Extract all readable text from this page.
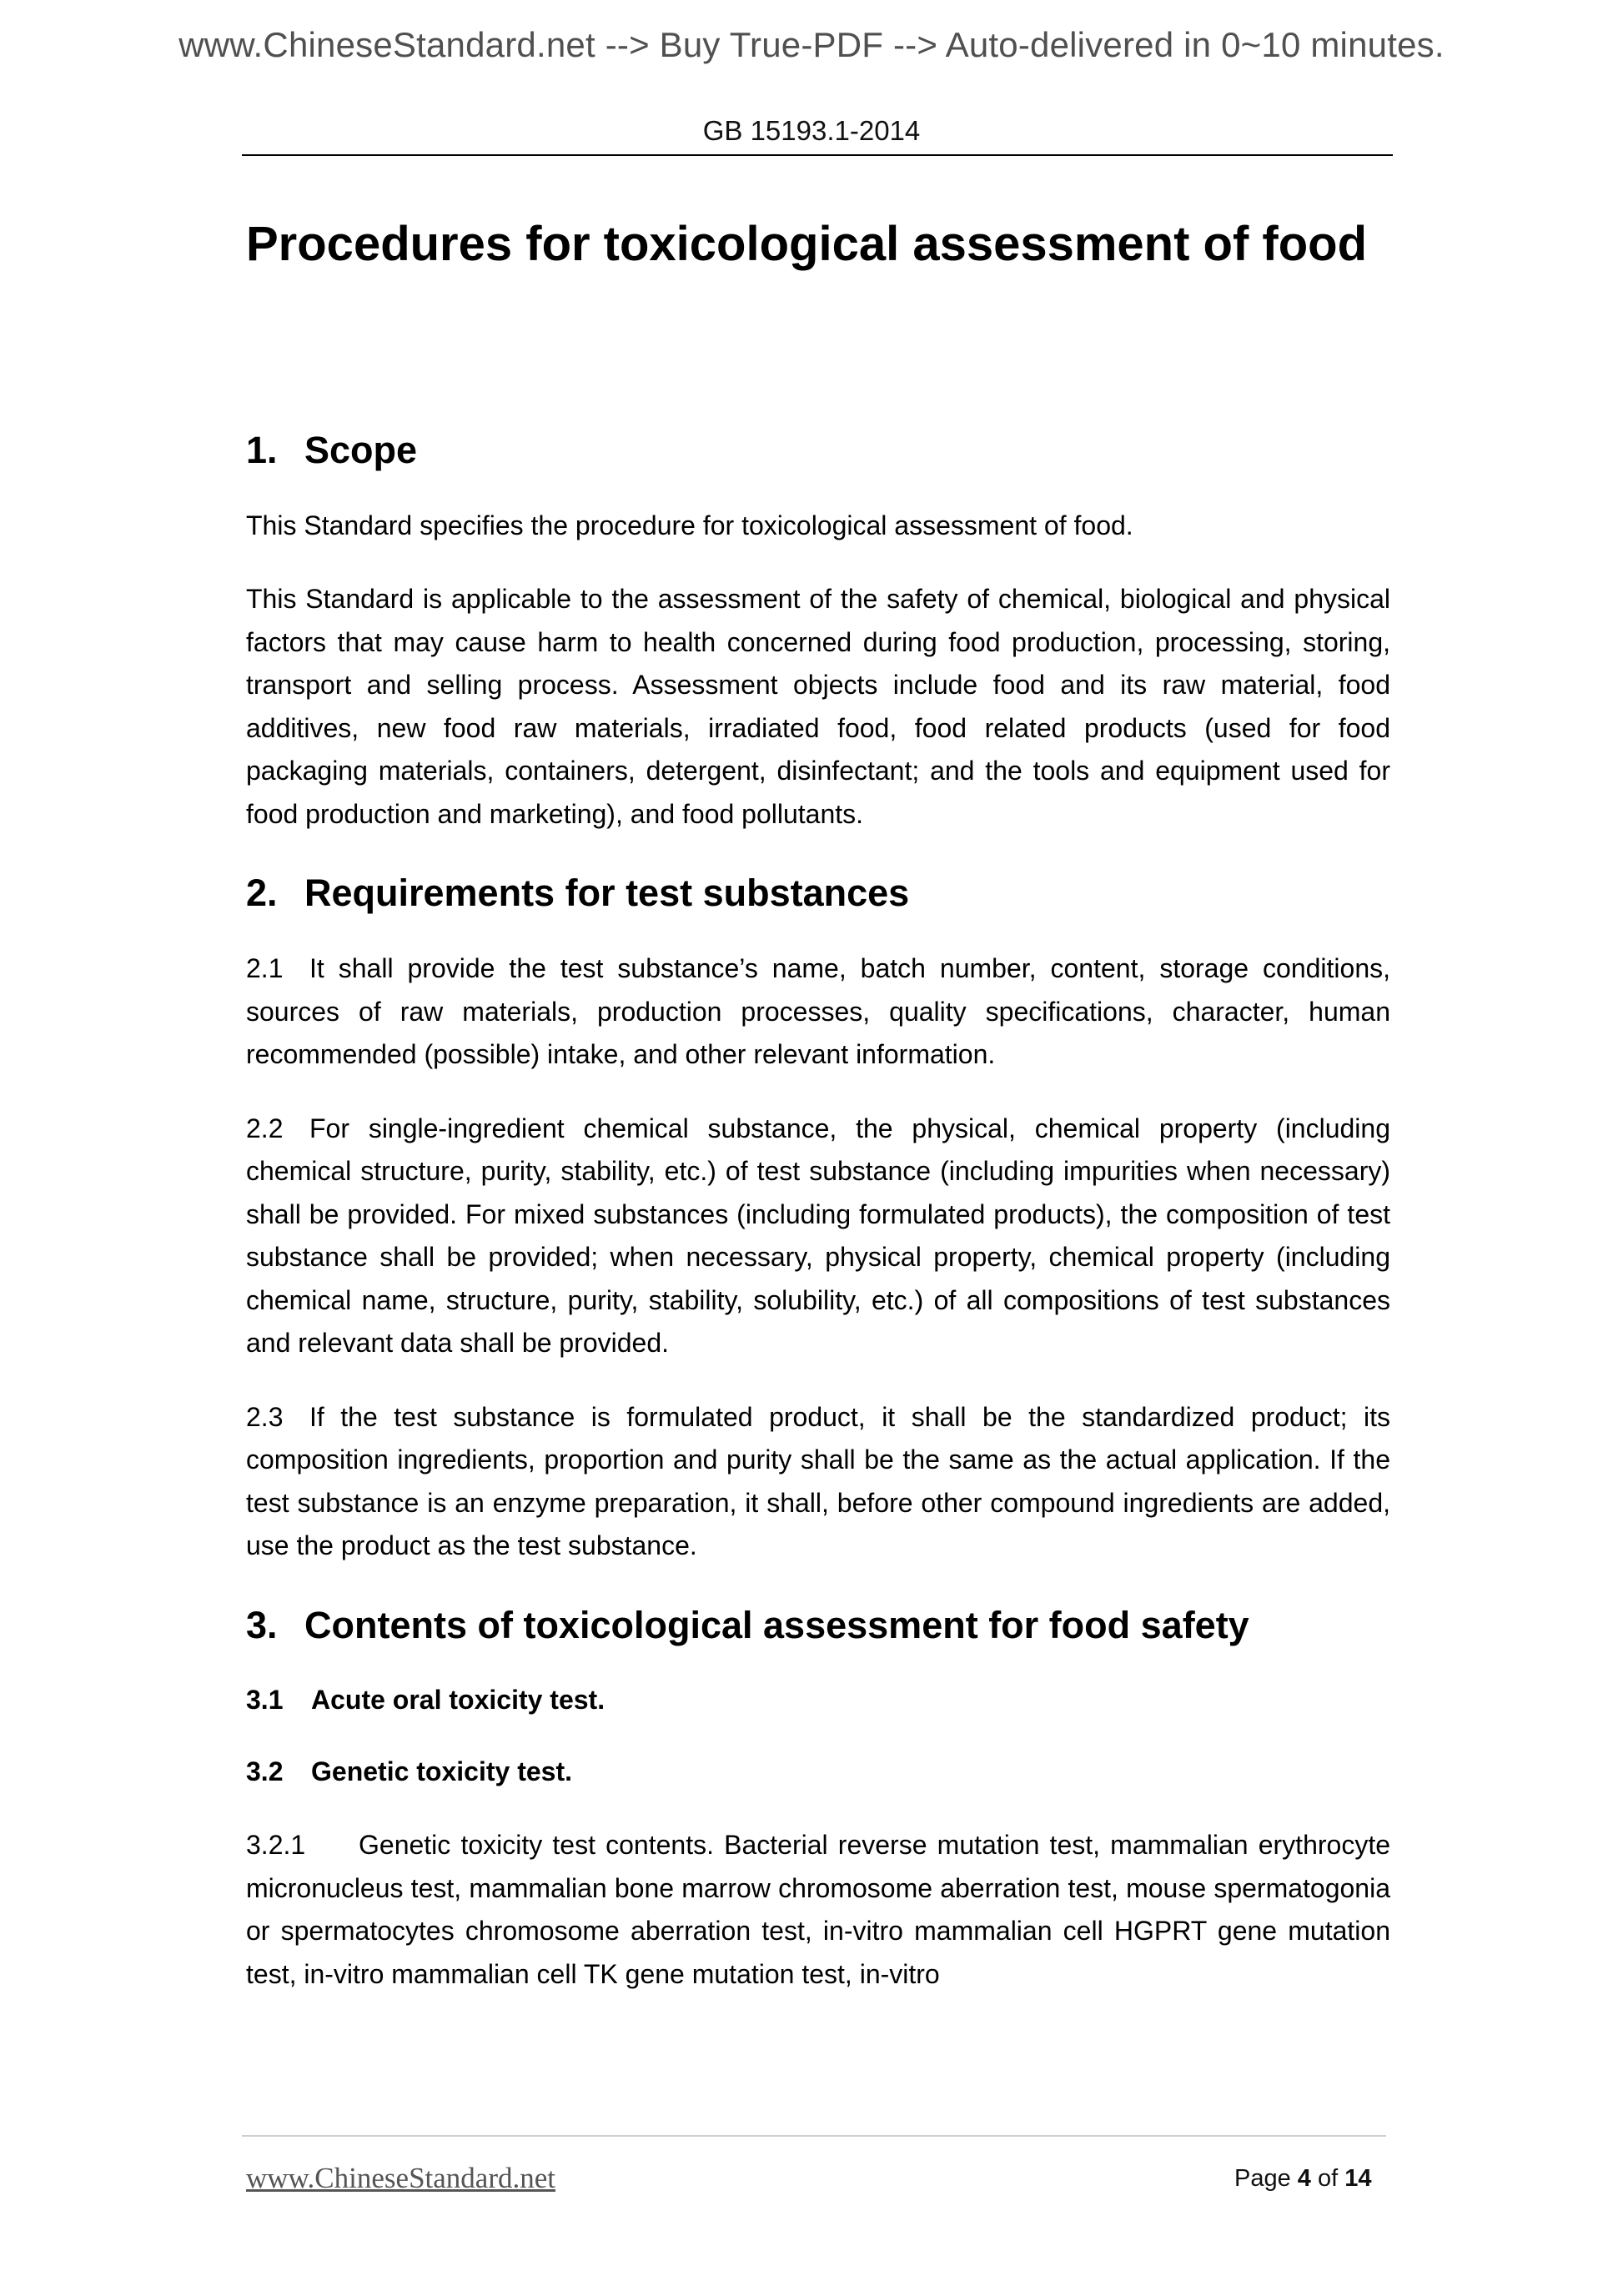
www.ChineseStandard.net --> Buy True-PDF --> Auto-delivered in 0~10 minutes.
GB 15193.1-2014
Procedures for toxicological assessment of food
1. Scope

This Standard specifies the procedure for toxicological assessment of food.

This Standard is applicable to the assessment of the safety of chemical, biological and physical factors that may cause harm to health concerned during food production, processing, storing, transport and selling process. Assessment objects include food and its raw material, food additives, new food raw materials, irradiated food, food related products (used for food packaging materials, containers, detergent, disinfectant; and the tools and equipment used for food production and marketing), and food pollutants.

2. Requirements for test substances

2.1 It shall provide the test substance’s name, batch number, content, storage conditions, sources of raw materials, production processes, quality specifications, character, human recommended (possible) intake, and other relevant information.

2.2 For single-ingredient chemical substance, the physical, chemical property (including chemical structure, purity, stability, etc.) of test substance (including impurities when necessary) shall be provided. For mixed substances (including formulated products), the composition of test substance shall be provided; when necessary, physical property, chemical property (including chemical name, structure, purity, stability, solubility, etc.) of all compositions of test substances and relevant data shall be provided.

2.3 If the test substance is formulated product, it shall be the standardized product; its composition ingredients, proportion and purity shall be the same as the actual application. If the test substance is an enzyme preparation, it shall, before other compound ingredients are added, use the product as the test substance.

3. Contents of toxicological assessment for food safety
3.1	Acute oral toxicity test.
3.2	Genetic toxicity test.

3.2.1 Genetic toxicity test contents. Bacterial reverse mutation test, mammalian erythrocyte micronucleus test, mammalian bone marrow chromosome aberration test, mouse spermatogonia or spermatocytes chromosome aberration test, in-vitro mammalian cell HGPRT gene mutation test, in-vitro mammalian cell TK gene mutation test, in-vitro

www.ChineseStandard.net	Page 4 of 14
